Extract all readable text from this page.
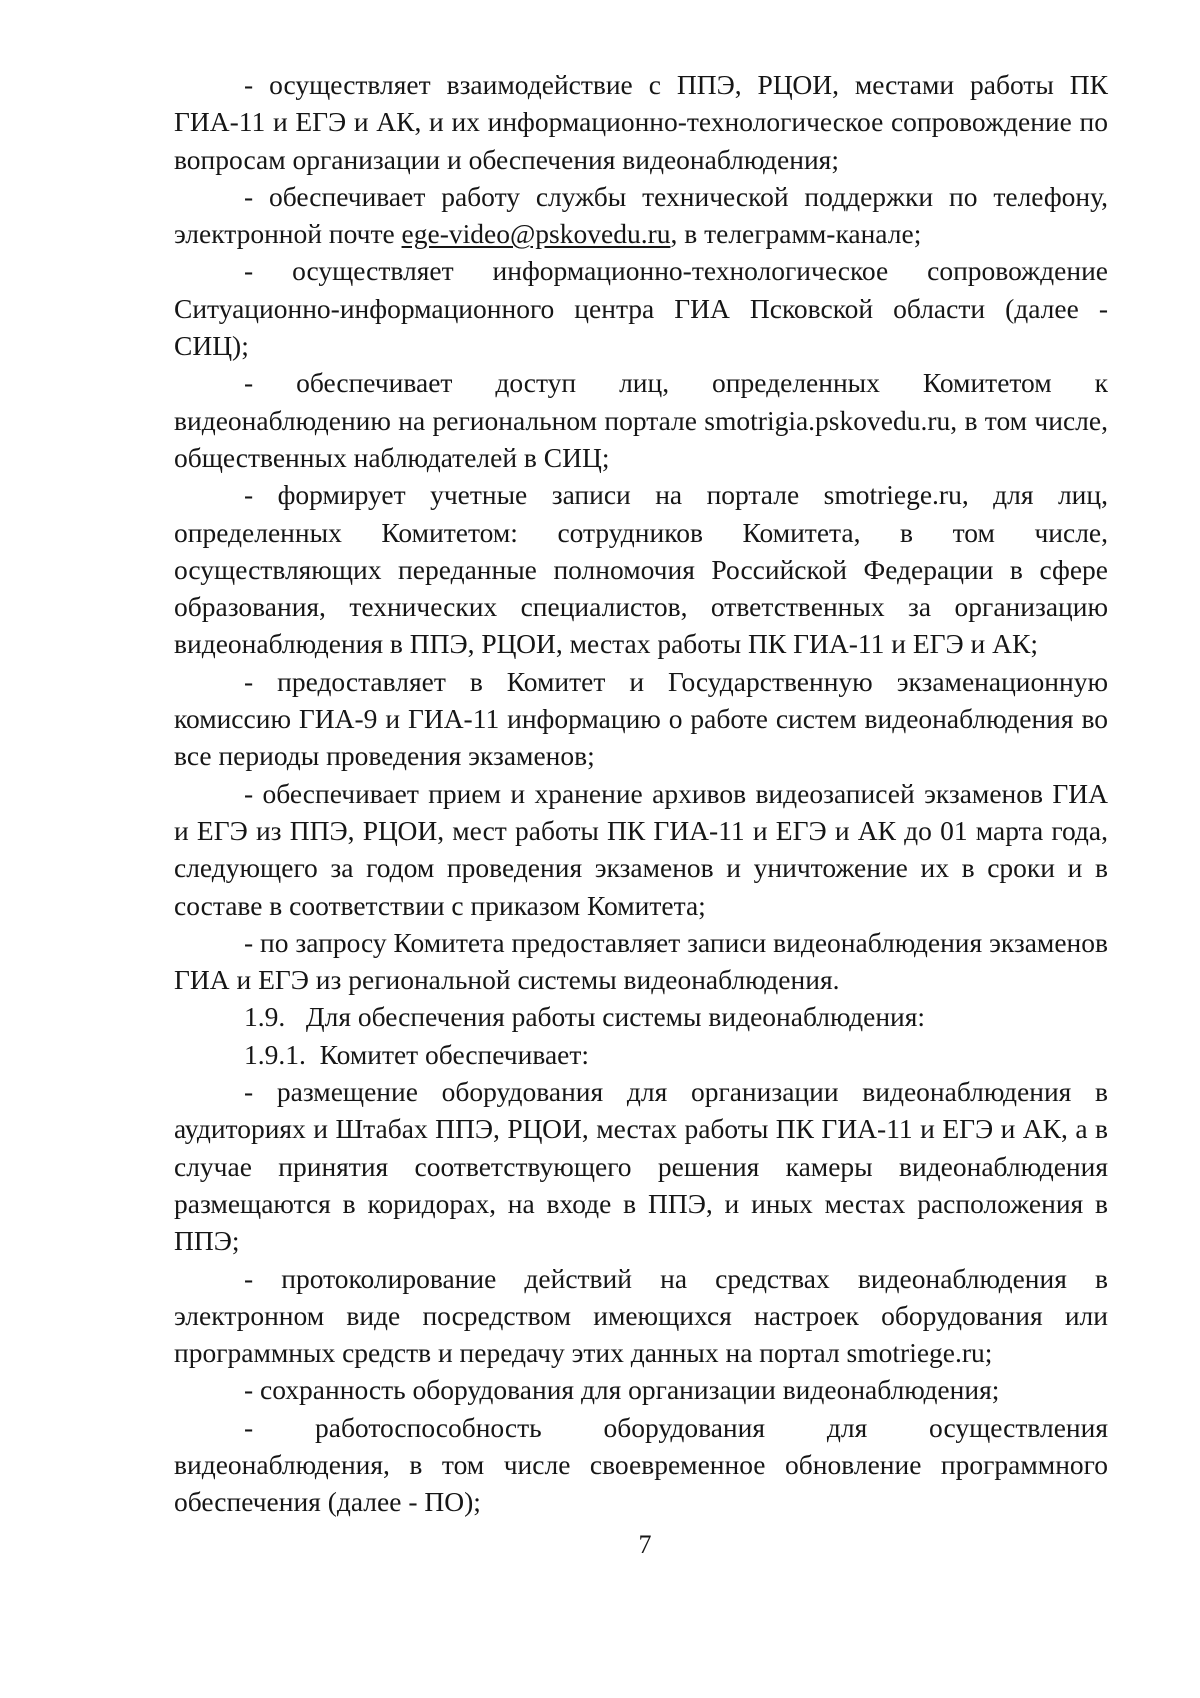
- осуществляет взаимодействие с ППЭ, РЦОИ, местами работы ПК ГИА-11 и ЕГЭ и АК, и их информационно-технологическое сопровождение по вопросам организации и обеспечения видеонаблюдения;

- обеспечивает работу службы технической поддержки по телефону, электронной почте ege-video@pskovedu.ru, в телеграмм-канале;

- осуществляет информационно-технологическое сопровождение Ситуационно-информационного центра ГИА Псковской области (далее - СИЦ);

- обеспечивает доступ лиц, определенных Комитетом к видеонаблюдению на региональном портале smotrigia.pskovedu.ru, в том числе, общественных наблюдателей в СИЦ;

- формирует учетные записи на портале smotriege.ru, для лиц, определенных Комитетом: сотрудников Комитета, в том числе, осуществляющих переданные полномочия Российской Федерации в сфере образования, технических специалистов, ответственных за организацию видеонаблюдения в ППЭ, РЦОИ, местах работы ПК ГИА-11 и ЕГЭ и АК;

- предоставляет в Комитет и Государственную экзаменационную комиссию ГИА-9 и ГИА-11 информацию о работе систем видеонаблюдения во все периоды проведения экзаменов;

- обеспечивает прием и хранение архивов видеозаписей экзаменов ГИА и ЕГЭ из ППЭ, РЦОИ, мест работы ПК ГИА-11 и ЕГЭ и АК до 01 марта года, следующего за годом проведения экзаменов и уничтожение их в сроки и в составе в соответствии с приказом Комитета;

- по запросу Комитета предоставляет записи видеонаблюдения экзаменов ГИА и ЕГЭ из региональной системы видеонаблюдения.

1.9.   Для обеспечения работы системы видеонаблюдения:

1.9.1.  Комитет обеспечивает:

- размещение оборудования для организации видеонаблюдения в аудиториях и Штабах ППЭ, РЦОИ, местах работы ПК ГИА-11 и ЕГЭ и АК, а в случае принятия соответствующего решения камеры видеонаблюдения размещаются в коридорах, на входе в ППЭ, и иных местах расположения в ППЭ;

- протоколирование действий на средствах видеонаблюдения в электронном виде посредством имеющихся настроек оборудования или программных средств и передачу этих данных на портал smotriege.ru;

- сохранность оборудования для организации видеонаблюдения;

- работоспособность оборудования для осуществления видеонаблюдения, в том числе своевременное обновление программного обеспечения (далее - ПО);

7
